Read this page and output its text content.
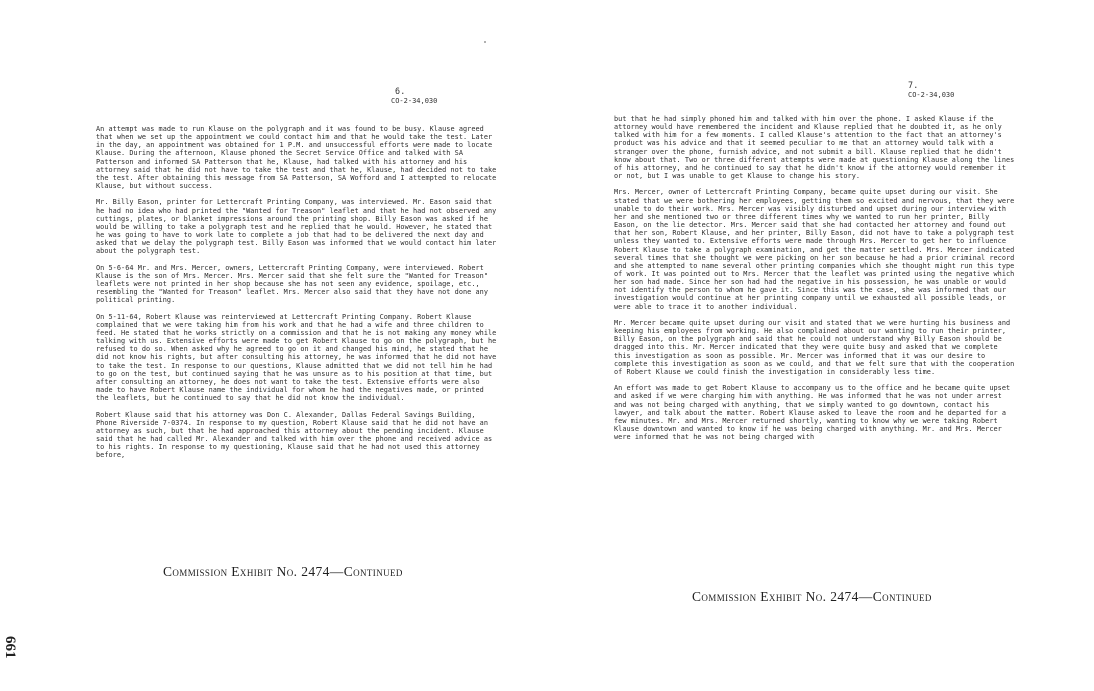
6.
CO-2-34,030

An attempt was made to run Klause on the polygraph and it was found to be busy. Klause agreed that when we set up the appointment we could contact him and that he would take the test. Later in the day, an appointment was obtained for 1 P.M. and unsuccessful efforts were made to locate Klause. During the afternoon, Klause phoned the Secret Service Office and talked with SA Patterson and informed SA Patterson that he, Klause, had talked with his attorney and his attorney said that he did not have to take the test and that he, Klause, had decided not to take the test. After obtaining this message from SA Patterson, SA Wofford and I attempted to relocate Klause, but without success.

Mr. Billy Eason, printer for Lettercraft Printing Company, was interviewed. Mr. Eason said that he had no idea who had printed the "Wanted for Treason" leaflet and that he had not observed any cuttings, plates, or blanket impressions around the printing shop. Billy Eason was asked if he would be willing to take a polygraph test and he replied that he would. However, he stated that he was going to have to work late to complete a job that had to be delivered the next day and asked that we delay the polygraph test. Billy Eason was informed that we would contact him later about the polygraph test.

On 5-6-64 Mr. and Mrs. Mercer, owners, Lettercraft Printing Company, were interviewed. Robert Klause is the son of Mrs. Mercer. Mrs. Mercer said that she felt sure the "Wanted for Treason" leaflets were not printed in her shop because she has not seen any evidence, spoilage, etc., resembling the "Wanted for Treason" leaflet. Mrs. Mercer also said that they have not done any political printing.

On 5-11-64, Robert Klause was reinterviewed at Lettercraft Printing Company. Robert Klause complained that we were taking him from his work and that he had a wife and three children to feed. He stated that he works strictly on a commission and that he is not making any money while talking with us. Extensive efforts were made to get Robert Klause to go on the polygraph, but he refused to do so. When asked why he agreed to go on it and changed his mind, he stated that he did not know his rights, but after consulting his attorney, he was informed that he did not have to take the test. In response to our questions, Klause admitted that we did not tell him he had to go on the test, but continued saying that he was unsure as to his position at that time, but after consulting an attorney, he does not want to take the test. Extensive efforts were also made to have Robert Klause name the individual for whom he had the negatives made, or printed the leaflets, but he continued to say that he did not know the individual.

Robert Klause said that his attorney was Don C. Alexander, Dallas Federal Savings Building, Phone Riverside 7-0374. In response to my question, Robert Klause said that he did not have an attorney as such, but that he had approached this attorney about the pending incident. Klause said that he had called Mr. Alexander and talked with him over the phone and received advice as to his rights. In response to my questioning, Klause said that he had not used this attorney before,

Commission Exhibit No. 2474—Continued
7.
CO-2-34,030

but that he had simply phoned him and talked with him over the phone. I asked Klause if the attorney would have remembered the incident and Klause replied that he doubted it, as he only talked with him for a few moments. I called Klause's attention to the fact that an attorney's product was his advice and that it seemed peculiar to me that an attorney would talk with a stranger over the phone, furnish advice, and not submit a bill. Klause replied that he didn't know about that. Two or three different attempts were made at questioning Klause along the lines of his attorney, and he continued to say that he didn't know if the attorney would remember it or not, but I was unable to get Klause to change his story.

Mrs. Mercer, owner of Lettercraft Printing Company, became quite upset during our visit. She stated that we were bothering her employees, getting them so excited and nervous, that they were unable to do their work. Mrs. Mercer was visibly disturbed and upset during our interview with her and she mentioned two or three different times why we wanted to run her printer, Billy Eason, on the lie detector. Mrs. Mercer said that she had contacted her attorney and found out that her son, Robert Klause, and her printer, Billy Eason, did not have to take a polygraph test unless they wanted to. Extensive efforts were made through Mrs. Mercer to get her to influence Robert Klause to take a polygraph examination, and get the matter settled. Mrs. Mercer indicated several times that she thought we were picking on her son because he had a prior criminal record and she attempted to name several other printing companies which she thought might run this type of work. It was pointed out to Mrs. Mercer that the leaflet was printed using the negative which her son had made. Since her son had had the negative in his possession, he was unable or would not identify the person to whom he gave it. Since this was the case, she was informed that our investigation would continue at her printing company until we exhausted all possible leads, or were able to trace it to another individual.

Mr. Mercer became quite upset during our visit and stated that we were hurting his business and keeping his employees from working. He also complained about our wanting to run their printer, Billy Eason, on the polygraph and said that he could not understand why Billy Eason should be dragged into this. Mr. Mercer indicated that they were quite busy and asked that we complete this investigation as soon as possible. Mr. Mercer was informed that it was our desire to complete this investigation as soon as we could, and that we felt sure that with the cooperation of Robert Klause we could finish the investigation in considerably less time.

An effort was made to get Robert Klause to accompany us to the office and he became quite upset and asked if we were charging him with anything. He was informed that he was not under arrest and was not being charged with anything, that we simply wanted to go downtown, contact his lawyer, and talk about the matter. Robert Klause asked to leave the room and he departed for a few minutes. Mr. and Mrs. Mercer returned shortly, wanting to know why we were taking Robert Klause downtown and wanted to know if he was being charged with anything. Mr. and Mrs. Mercer were informed that he was not being charged with

Commission Exhibit No. 2474—Continued
661
